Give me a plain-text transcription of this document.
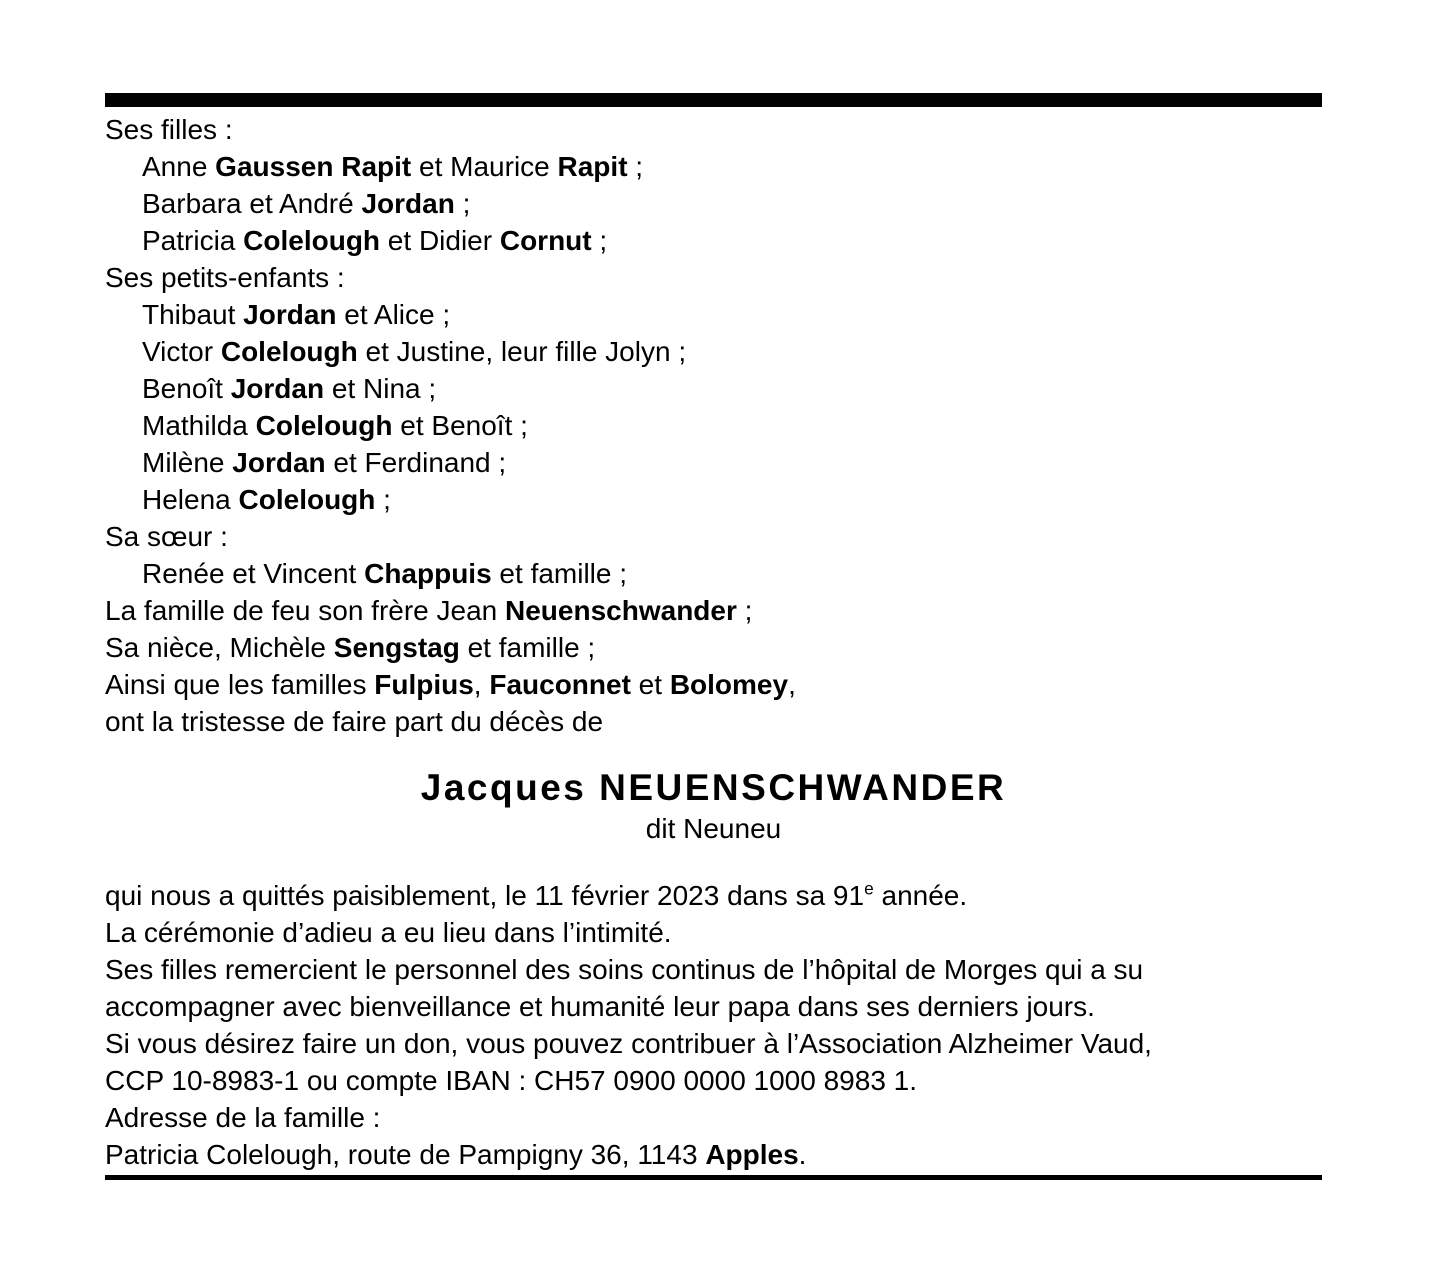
Ses filles :
Anne Gaussen Rapit et Maurice Rapit ;
Barbara et André Jordan ;
Patricia Colelough et Didier Cornut ;
Ses petits-enfants :
Thibaut Jordan et Alice ;
Victor Colelough et Justine, leur fille Jolyn ;
Benoît Jordan et Nina ;
Mathilda Colelough et Benoît ;
Milène Jordan et Ferdinand ;
Helena Colelough ;
Sa sœur :
Renée et Vincent Chappuis et famille ;
La famille de feu son frère Jean Neuenschwander ;
Sa nièce, Michèle Sengstag et famille ;
Ainsi que les familles Fulpius, Fauconnet et Bolomey,
ont la tristesse de faire part du décès de
Jacques NEUENSCHWANDER
dit Neuneu
qui nous a quittés paisiblement, le 11 février 2023 dans sa 91e année.
La cérémonie d’adieu a eu lieu dans l’intimité.
Ses filles remercient le personnel des soins continus de l’hôpital de Morges qui a su
accompagner avec bienveillance et humanité leur papa dans ses derniers jours.
Si vous désirez faire un don, vous pouvez contribuer à l’Association Alzheimer Vaud,
CCP 10-8983-1 ou compte IBAN : CH57 0900 0000 1000 8983 1.
Adresse de la famille :
Patricia Colelough, route de Pampigny 36, 1143 Apples.
